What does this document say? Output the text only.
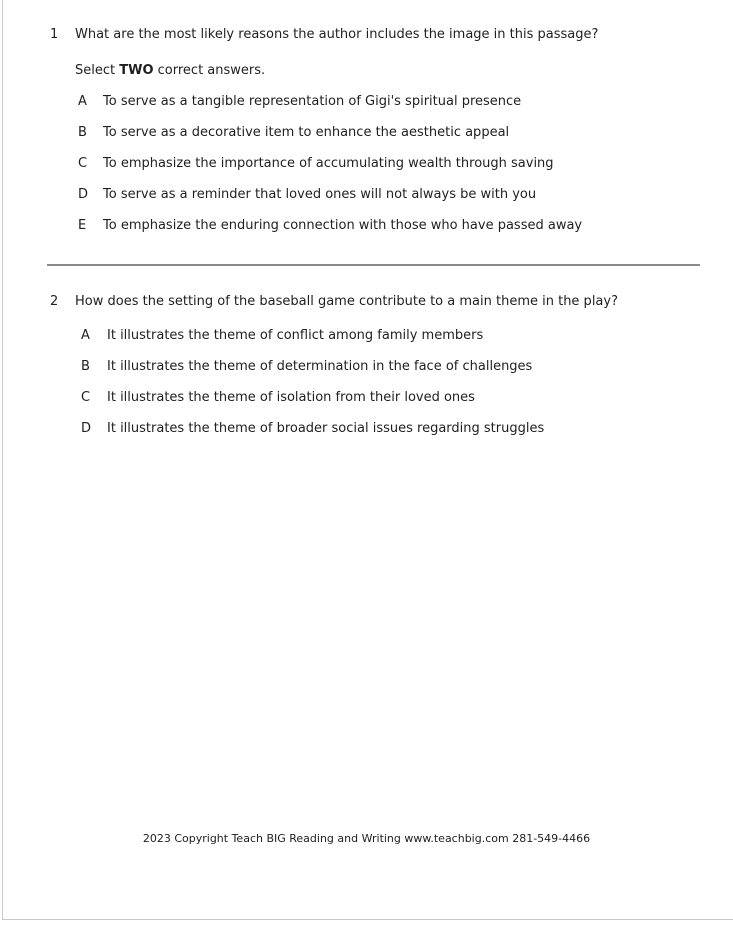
1	What are the most likely reasons the author includes the image in this passage?

Select TWO correct answers.

A	To serve as a tangible representation of Gigi's spiritual presence
B	To serve as a decorative item to enhance the aesthetic appeal
C	To emphasize the importance of accumulating wealth through saving
D	To serve as a reminder that loved ones will not always be with you
E	To emphasize the enduring connection with those who have passed away
2	How does the setting of the baseball game contribute to a main theme in the play?
A	It illustrates the theme of conflict among family members
B	It illustrates the theme of determination in the face of challenges
C	It illustrates the theme of isolation from their loved ones
D	It illustrates the theme of broader social issues regarding struggles
2023 Copyright Teach BIG Reading and Writing www.teachbig.com 281-549-4466
